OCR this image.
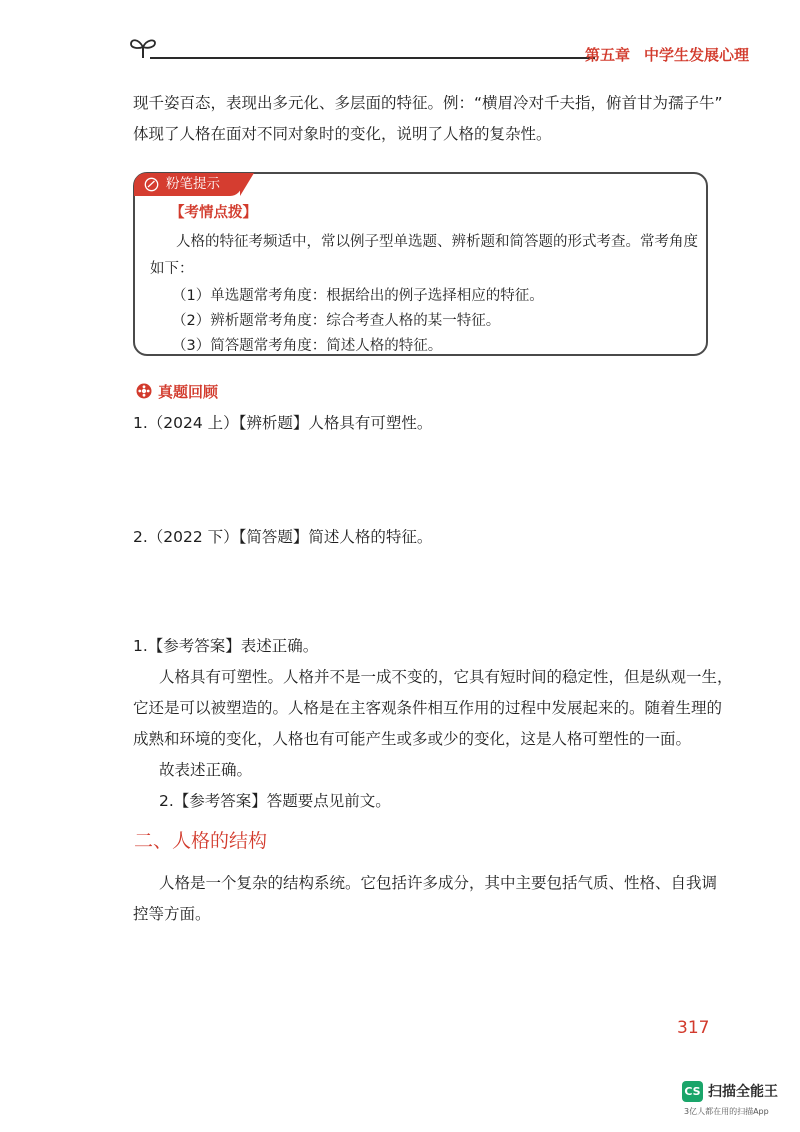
第五章 中学生发展心理
现千姿百态，表现出多元化、多层面的特征。例：“横眉冷对千夫指，俯首甘为孺子牛”
体现了人格在面对不同对象时的变化，说明了人格的复杂性。
粉笔提示
【考情点拨】
人格的特征考频适中，常以例子型单选题、辨析题和简答题的形式考查。常考角度
如下：
（1）单选题常考角度：根据给出的例子选择相应的特征。
（2）辨析题常考角度：综合考查人格的某一特征。
（3）简答题常考角度：简述人格的特征。
真题回顾
1.（2024 上）【辨析题】人格具有可塑性。
2.（2022 下）【简答题】简述人格的特征。
1.【参考答案】表述正确。
人格具有可塑性。人格并不是一成不变的，它具有短时间的稳定性，但是纵观一生，
它还是可以被塑造的。人格是在主客观条件相互作用的过程中发展起来的。随着生理的
成熟和环境的变化，人格也有可能产生或多或少的变化，这是人格可塑性的一面。
故表述正确。
2.【参考答案】答题要点见前文。
二、人格的结构
人格是一个复杂的结构系统。它包括许多成分，其中主要包括气质、性格、自我调
控等方面。
317
CS 扫描全能王
3亿人都在用的扫描App
